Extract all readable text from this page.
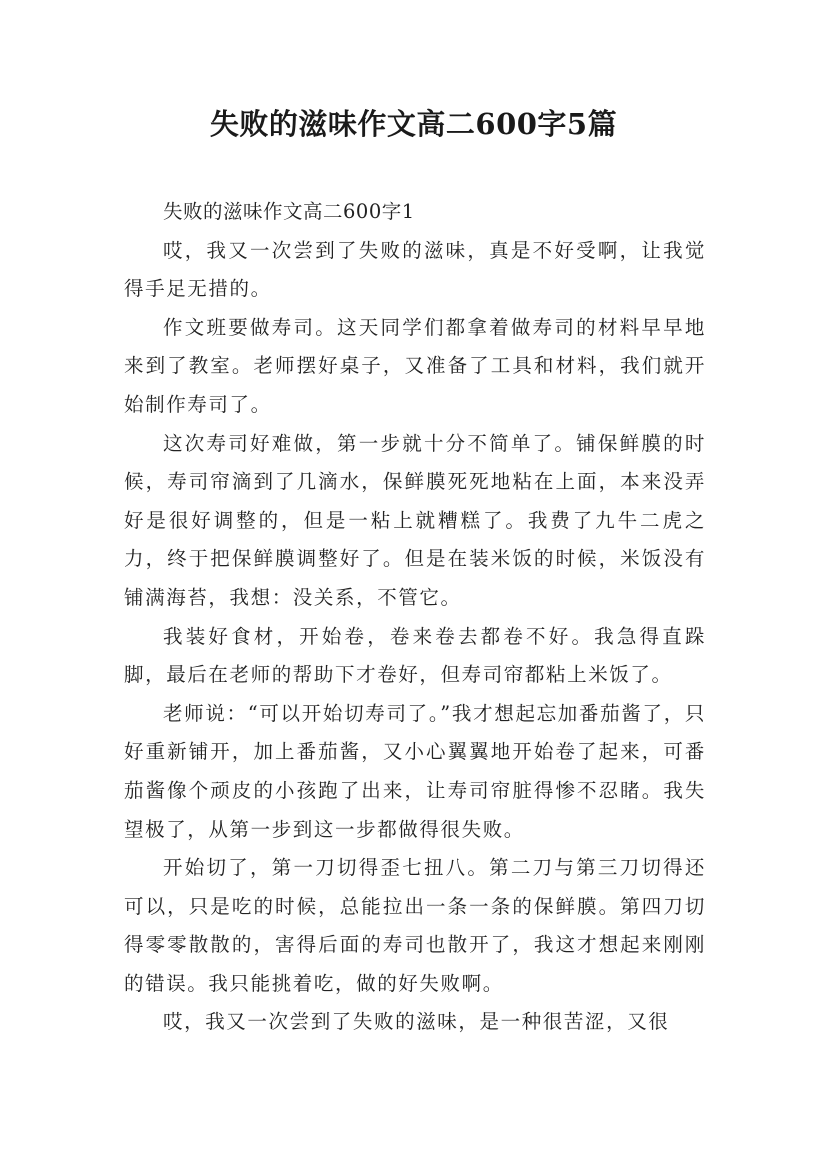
失败的滋味作文高二600字5篇

失败的滋味作文高二600字1

哎，我又一次尝到了失败的滋味，真是不好受啊，让我觉得手足无措的。

作文班要做寿司。这天同学们都拿着做寿司的材料早早地来到了教室。老师摆好桌子，又准备了工具和材料，我们就开始制作寿司了。

这次寿司好难做，第一步就十分不简单了。铺保鲜膜的时候，寿司帘滴到了几滴水，保鲜膜死死地粘在上面，本来没弄好是很好调整的，但是一粘上就糟糕了。我费了九牛二虎之力，终于把保鲜膜调整好了。但是在装米饭的时候，米饭没有铺满海苔，我想：没关系，不管它。

我装好食材，开始卷，卷来卷去都卷不好。我急得直跺脚，最后在老师的帮助下才卷好，但寿司帘都粘上米饭了。

老师说：“可以开始切寿司了。”我才想起忘加番茄酱了，只好重新铺开，加上番茄酱，又小心翼翼地开始卷了起来，可番茄酱像个顽皮的小孩跑了出来，让寿司帘脏得惨不忍睹。我失望极了，从第一步到这一步都做得很失败。

开始切了，第一刀切得歪七扭八。第二刀与第三刀切得还可以，只是吃的时候，总能拉出一条一条的保鲜膜。第四刀切得零零散散的，害得后面的寿司也散开了，我这才想起来刚刚的错误。我只能挑着吃，做的好失败啊。

哎，我又一次尝到了失败的滋味，是一种很苦涩，又很
